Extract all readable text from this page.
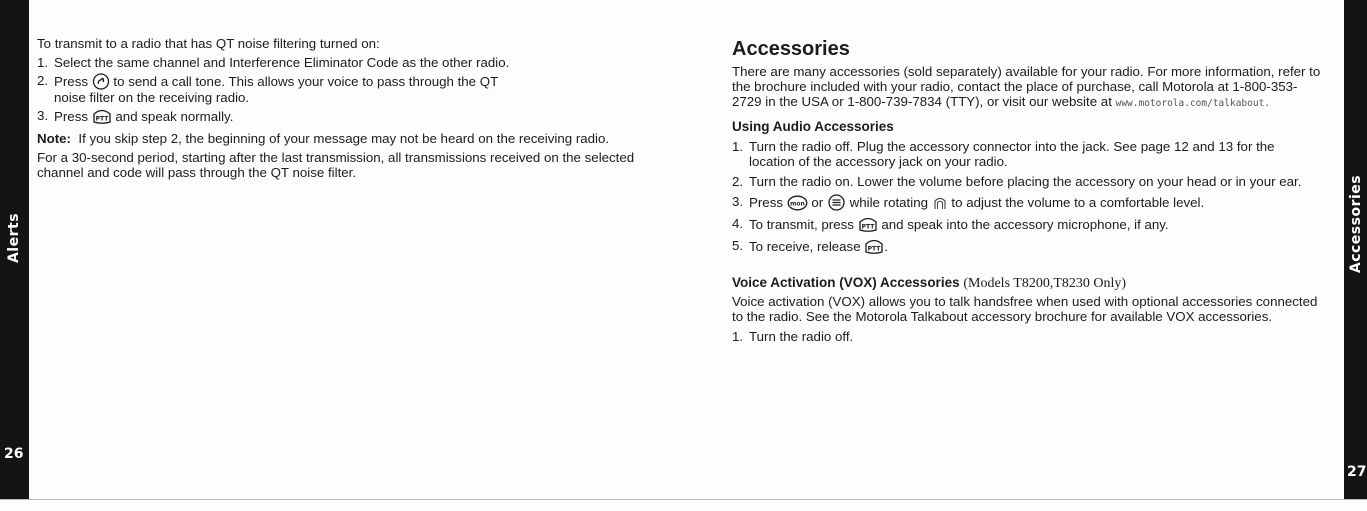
Alerts
26
Accessories
27

To transmit to a radio that has QT noise filtering turned on:

1. Select the same channel and Interference Eliminator Code as the other radio.
2. Press to send a call tone. This allows your voice to pass through the QT
noise filter on the receiving radio.
3. Press PTT and speak normally.

Note: If you skip step 2, the beginning of your message may not be heard on the receiving radio.

For a 30-second period, starting after the last transmission, all transmissions received on the selected channel and code will pass through the QT noise filter.

Accessories

There are many accessories (sold separately) available for your radio. For more information, refer to the brochure included with your radio, contact the place of purchase, call Motorola at 1-800-353-2729 in the USA or 1-800-739-7834 (TTY), or visit our website at www.motorola.com/talkabout.

Using Audio Accessories
1. Turn the radio off. Plug the accessory connector into the jack. See page 12 and 13 for the location of the accessory jack on your radio.
2. Turn the radio on. Lower the volume before placing the accessory on your head or in your ear.
3. Press mon or while rotating to adjust the volume to a comfortable level.
4. To transmit, press PTT and speak into the accessory microphone, if any.
5. To receive, release PTT .
Voice Activation (VOX) Accessories (Models T8200,T8230 Only)

Voice activation (VOX) allows you to talk handsfree when used with optional accessories connected to the radio. See the Motorola Talkabout accessory brochure for available VOX accessories.

1. Turn the radio off.
